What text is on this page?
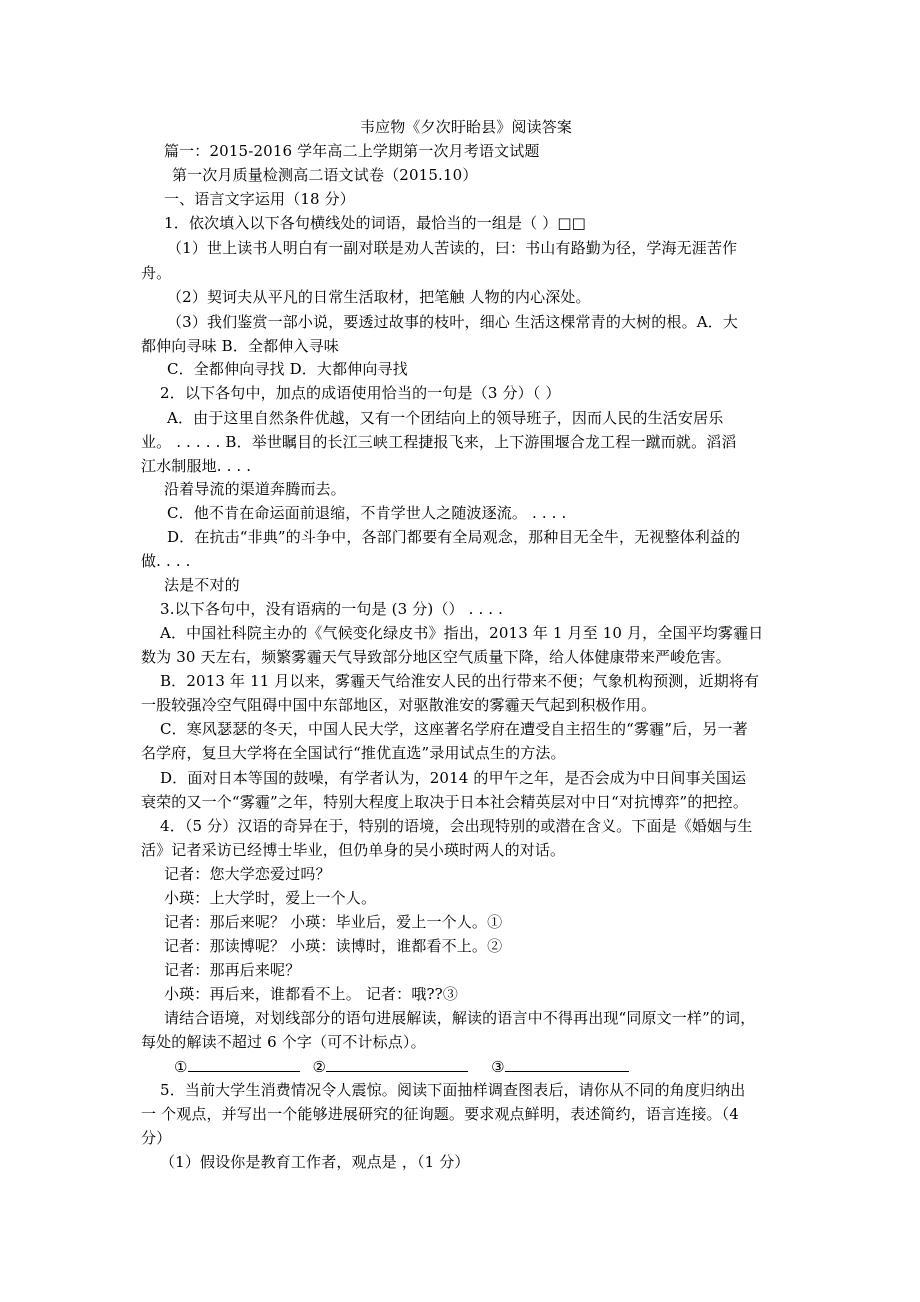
韦应物《夕次盱眙县》阅读答案
篇一：2015-2016 学年高二上学期第一次月考语文试题
第一次月质量检测高二语文试卷（2015.10）
一、语言文字运用（18 分）
1．依次填入以下各句横线处的词语，最恰当的一组是（ ）□□
（1）世上读书人明白有一副对联是劝人苦读的，曰：书山有路勤为径，学海无涯苦作
舟。
（2）契诃夫从平凡的日常生活取材，把笔触 人物的内心深处。
（3）我们鉴赏一部小说，要透过故事的枝叶，细心 生活这棵常青的大树的根。A．大
都伸向寻味 B．全都伸入寻味
C．全都伸向寻找 D．大都伸向寻找
2．以下各句中，加点的成语使用恰当的一句是（3 分）（ ）
A．由于这里自然条件优越，又有一个团结向上的领导班子，因而人民的生活安居乐
业。 . . . . . B．举世瞩目的长江三峡工程捷报飞来，上下游围堰合龙工程一蹴而就。滔滔
江水制服地. . . .
沿着导流的渠道奔腾而去。
C．他不肯在命运面前退缩，不肯学世人之随波逐流。 . . . .
D．在抗击“非典”的斗争中，各部门都要有全局观念，那种目无全牛，无视整体利益的
做. . . .
法是不对的
3.以下各句中，没有语病的一句是 (3 分)（） . . . .
A．中国社科院主办的《气候变化绿皮书》指出，2013 年 1 月至 10 月，全国平均雾霾日
数为 30 天左右，频繁雾霾天气导致部分地区空气质量下降，给人体健康带来严峻危害。
B．2013 年 11 月以来，雾霾天气给淮安人民的出行带来不便；气象机构预测，近期将有
一股较强冷空气阻碍中国中东部地区，对驱散淮安的雾霾天气起到积极作用。
C．寒风瑟瑟的冬天，中国人民大学，这座著名学府在遭受自主招生的“雾霾”后，另一著
名学府，复旦大学将在全国试行“推优直选”录用试点生的方法。
D．面对日本等国的鼓噪，有学者认为，2014 的甲午之年，是否会成为中日间事关国运
衰荣的又一个“雾霾”之年，特别大程度上取决于日本社会精英层对中日“对抗博弈”的把控。
4．（5 分）汉语的奇异在于，特别的语境，会出现特别的或潜在含义。下面是《婚姻与生
活》记者采访已经博士毕业，但仍单身的吴小瑛时两人的对话。
记者：您大学恋爱过吗？
小瑛：上大学时，爱上一个人。
记者：那后来呢？ 小瑛：毕业后，爱上一个人。①
记者：那读博呢？ 小瑛：读博时，谁都看不上。②
记者：那再后来呢？
小瑛：再后来，谁都看不上。 记者：哦??③
请结合语境，对划线部分的语句进展解读，解读的语言中不得再出现“同原文一样”的词，
每处的解读不超过 6 个字（可不计标点）。
①	②	③
5．当前大学生消费情况令人震惊。阅读下面抽样调查图表后，请你从不同的角度归纳出
一 个观点，并写出一个能够进展研究的征询题。要求观点鲜明，表述简约，语言连接。（4
分）
（1）假设你是教育工作者，观点是 ，（1 分）
